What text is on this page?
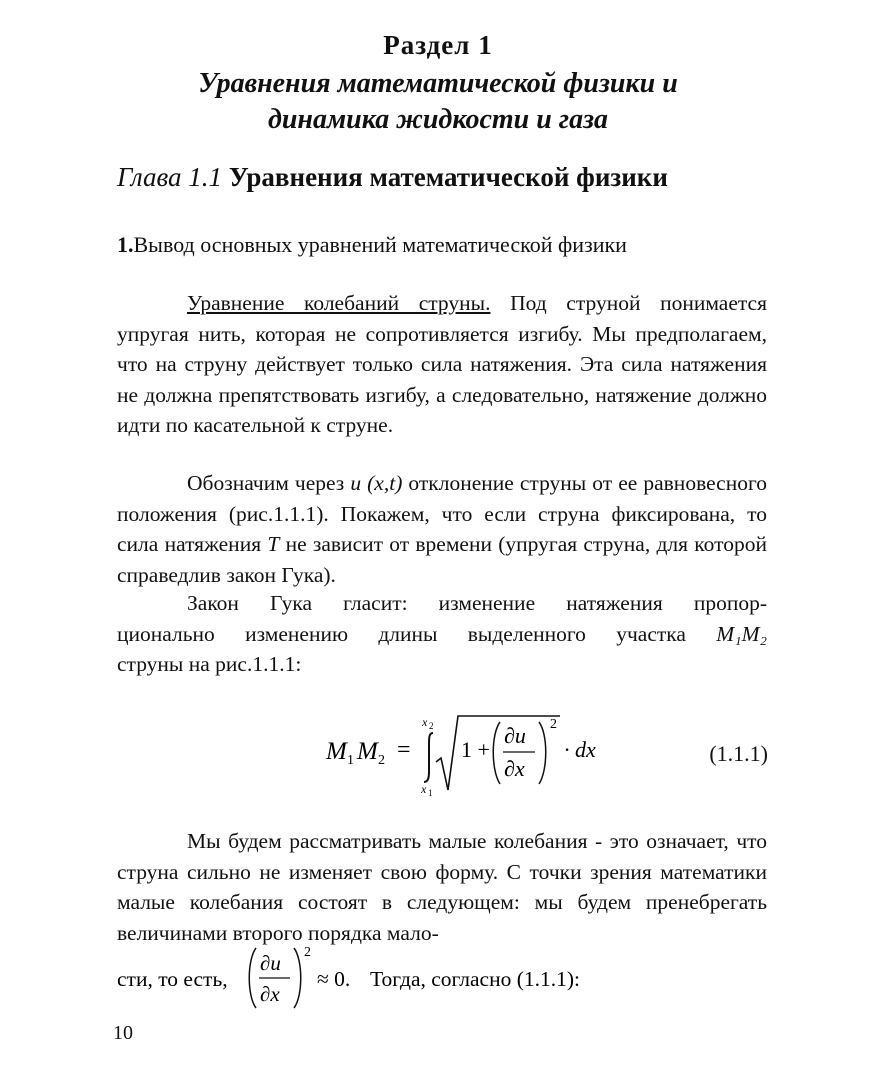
Раздел 1
Уравнения математической физики и
динамика жидкости и газа
Глава 1.1 Уравнения математической физики
1.Вывод основных уравнений математической физики
Уравнение колебаний струны. Под струной понимается упругая нить, которая не сопротивляется изгибу. Мы предполагаем, что на струну действует только сила натяжения. Эта сила натяжения не должна препятствовать изгибу, а следовательно, натяжение должно идти по касательной к струне.
Обозначим через u (x,t) отклонение струны от ее равновесного положения (рис.1.1.1). Покажем, что если струна фиксирована, то сила натяжения T не зависит от времени (упругая струна, для которой справедлив закон Гука).
Закон Гука гласит: изменение натяжения пропор-
ционально изменению длины выделенного участка M₁M₂
струны на рис.1.1.1:
M 1 M 2 =
x 2
x 1
1 +
∂u
∂x
2
· dx	(1.1.1)
Мы будем рассматривать малые колебания - это означает, что струна сильно не изменяет свою форму. С точки зрения математики малые колебания состоят в следующем: мы будем пренебрегать величинами второго порядка мало-
сти, то есть,
∂u
∂x
2
≈ 0. Тогда, согласно (1.1.1):
10
